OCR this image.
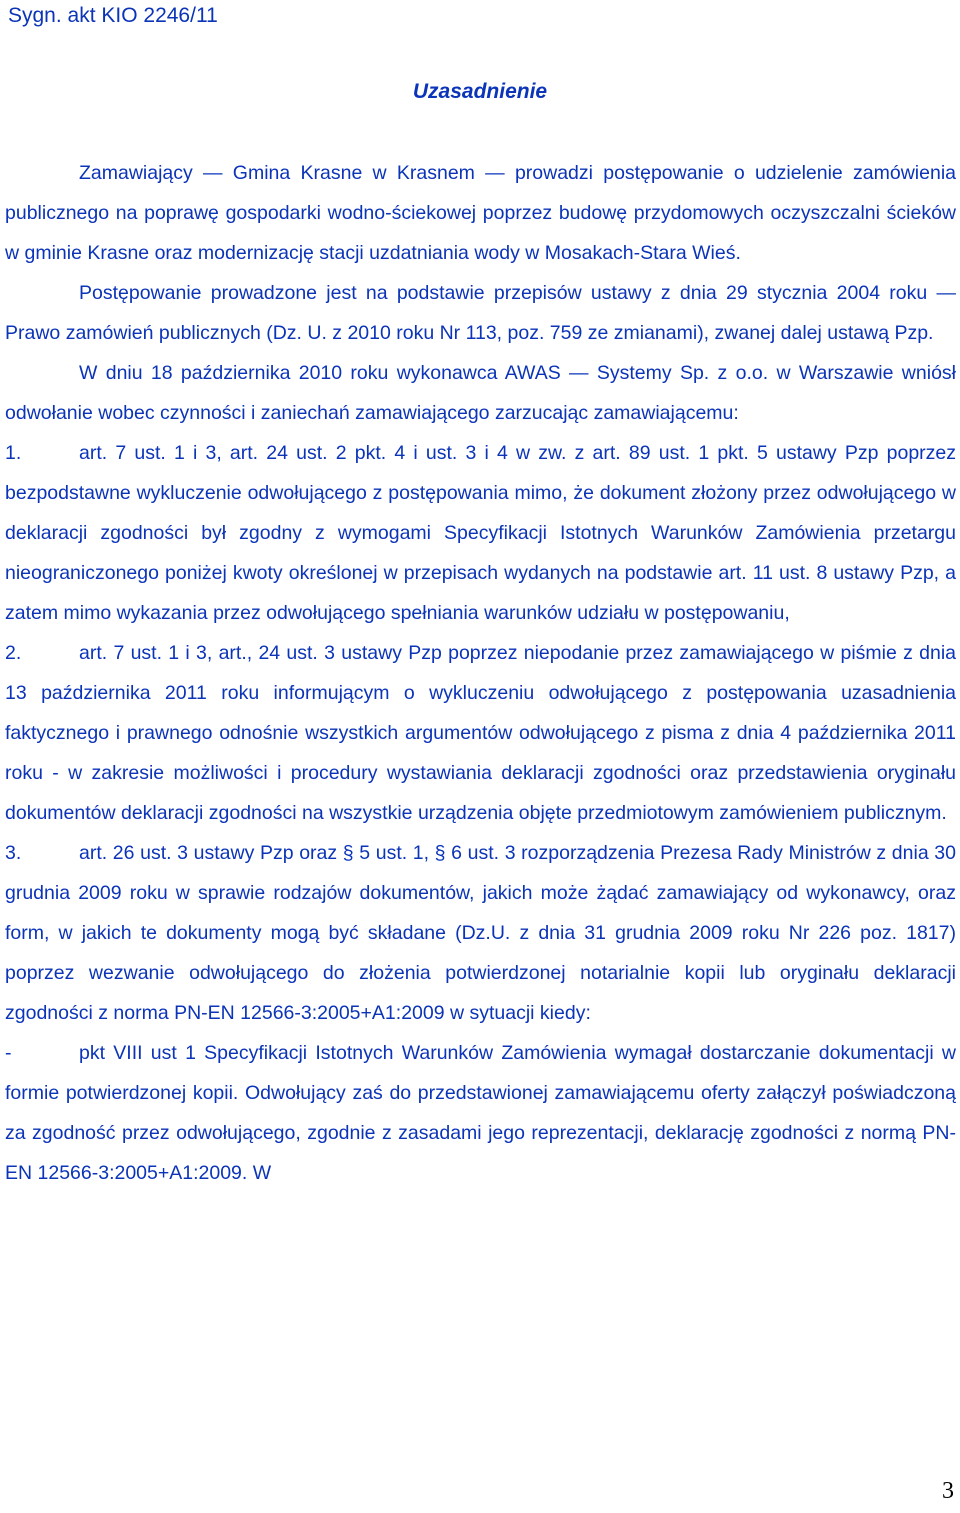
Sygn. akt KIO 2246/11
Uzasadnienie

Zamawiający — Gmina Krasne w Krasnem — prowadzi postępowanie o udzielenie zamówienia publicznego na poprawę gospodarki wodno-ściekowej poprzez budowę przydomowych oczyszczalni ścieków w gminie Krasne oraz modernizację stacji uzdatniania wody w Mosakach-Stara Wieś.

Postępowanie prowadzone jest na podstawie przepisów ustawy z dnia 29 stycznia 2004 roku — Prawo zamówień publicznych (Dz. U. z 2010 roku Nr 113, poz. 759 ze zmianami), zwanej dalej ustawą Pzp.

W dniu 18 października 2010 roku wykonawca AWAS — Systemy Sp. z o.o. w Warszawie wniósł odwołanie wobec czynności i zaniechań zamawiającego zarzucając zamawiającemu:

1.	art. 7 ust. 1 i 3, art. 24 ust. 2 pkt. 4 i ust. 3 i 4 w zw. z art. 89 ust. 1 pkt. 5 ustawy Pzp poprzez bezpodstawne wykluczenie odwołującego z postępowania mimo, że dokument złożony przez odwołującego w deklaracji zgodności był zgodny z wymogami Specyfikacji Istotnych Warunków Zamówienia przetargu nieograniczonego poniżej kwoty określonej w przepisach wydanych na podstawie art. 11 ust. 8 ustawy Pzp, a zatem mimo wykazania przez odwołującego spełniania warunków udziału w postępowaniu,

2.	art. 7 ust. 1 i 3, art., 24 ust. 3 ustawy Pzp poprzez niepodanie przez zamawiającego w piśmie z dnia 13 października 2011 roku informującym o wykluczeniu odwołującego z postępowania uzasadnienia faktycznego i prawnego odnośnie wszystkich argumentów odwołującego z pisma z dnia 4 października 2011 roku - w zakresie możliwości i procedury wystawiania deklaracji zgodności oraz przedstawienia oryginału dokumentów deklaracji zgodności na wszystkie urządzenia objęte przedmiotowym zamówieniem publicznym.

3.	art. 26 ust. 3 ustawy Pzp oraz § 5 ust. 1, § 6 ust. 3 rozporządzenia Prezesa Rady Ministrów z dnia 30 grudnia 2009 roku w sprawie rodzajów dokumentów, jakich może żądać zamawiający od wykonawcy, oraz form, w jakich te dokumenty mogą być składane (Dz.U. z dnia 31 grudnia 2009 roku Nr 226 poz. 1817) poprzez wezwanie odwołującego do złożenia potwierdzonej notarialnie kopii lub oryginału deklaracji zgodności z norma PN-EN 12566-3:2005+A1:2009 w sytuacji kiedy:

-	pkt VIII ust 1 Specyfikacji Istotnych Warunków Zamówienia wymagał dostarczanie dokumentacji w formie potwierdzonej kopii. Odwołujący zaś do przedstawionej zamawiającemu oferty załączył poświadczoną za zgodność przez odwołującego, zgodnie z zasadami jego reprezentacji, deklarację zgodności z normą PN-EN 12566-3:2005+A1:2009. W

3
